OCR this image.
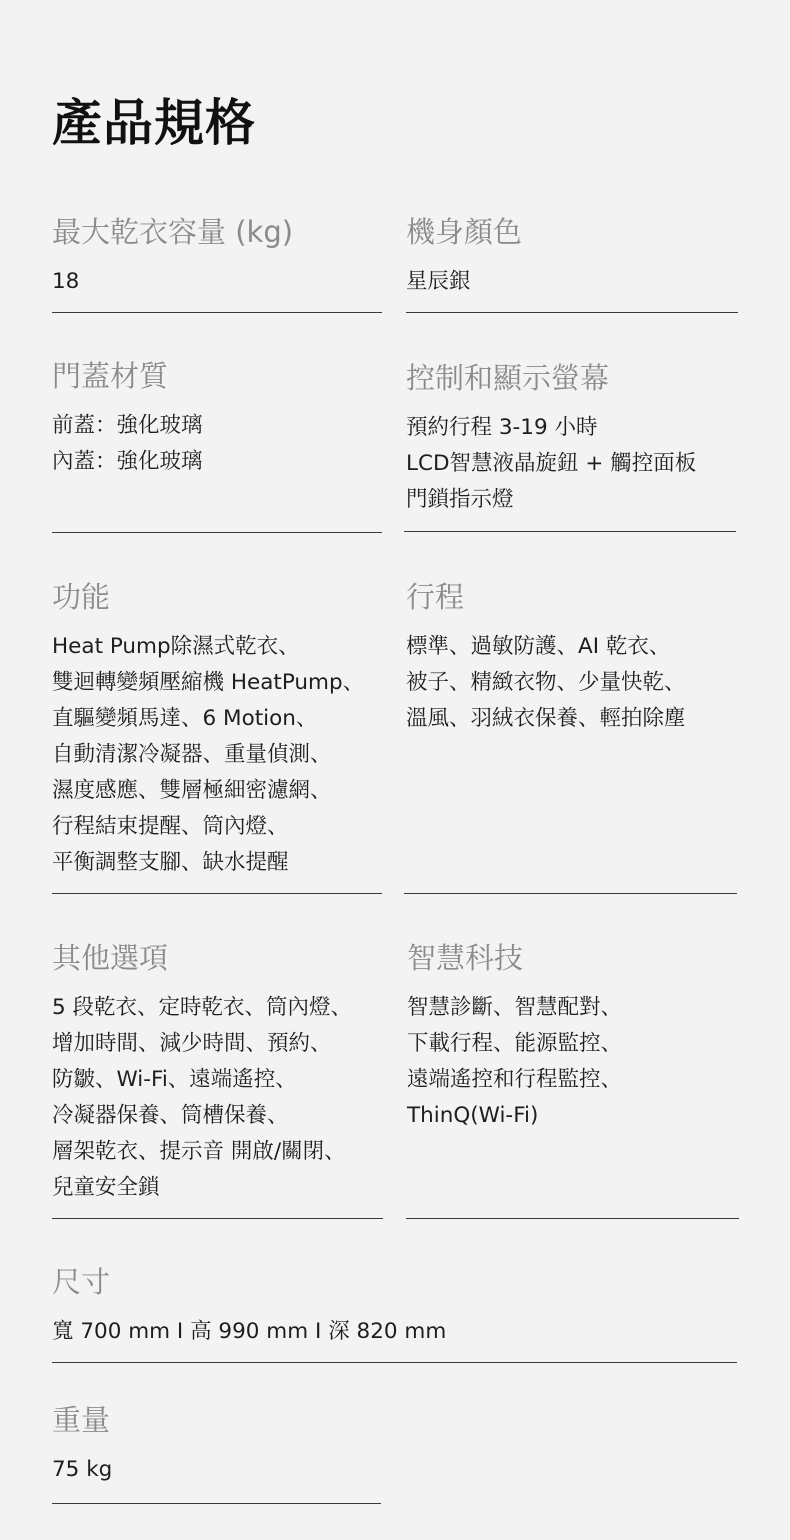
產品規格
最大乾衣容量 (kg)
18
機身顏色
星辰銀
門蓋材質
前蓋：強化玻璃
內蓋：強化玻璃
控制和顯示螢幕
預約行程 3-19 小時
LCD智慧液晶旋鈕 + 觸控面板
門鎖指示燈
功能
Heat Pump除濕式乾衣、
雙迴轉變頻壓縮機 HeatPump、
直驅變頻馬達、6 Motion、
自動清潔冷凝器、重量偵測、
濕度感應、雙層極細密濾網、
行程結束提醒、筒內燈、
平衡調整支腳、缺水提醒
行程
標準、過敏防護、AI 乾衣、
被子、精緻衣物、少量快乾、
溫風、羽絨衣保養、輕拍除塵
其他選項
5 段乾衣、定時乾衣、筒內燈、
增加時間、減少時間、預約、
防皺、Wi-Fi、遠端遙控、
冷凝器保養、筒槽保養、
層架乾衣、提示音 開啟/關閉、
兒童安全鎖
智慧科技
智慧診斷、智慧配對、
下載行程、能源監控、
遠端遙控和行程監控、
ThinQ(Wi-Fi)
尺寸
寬 700 mm I 高 990 mm I 深 820 mm
重量
75 kg
